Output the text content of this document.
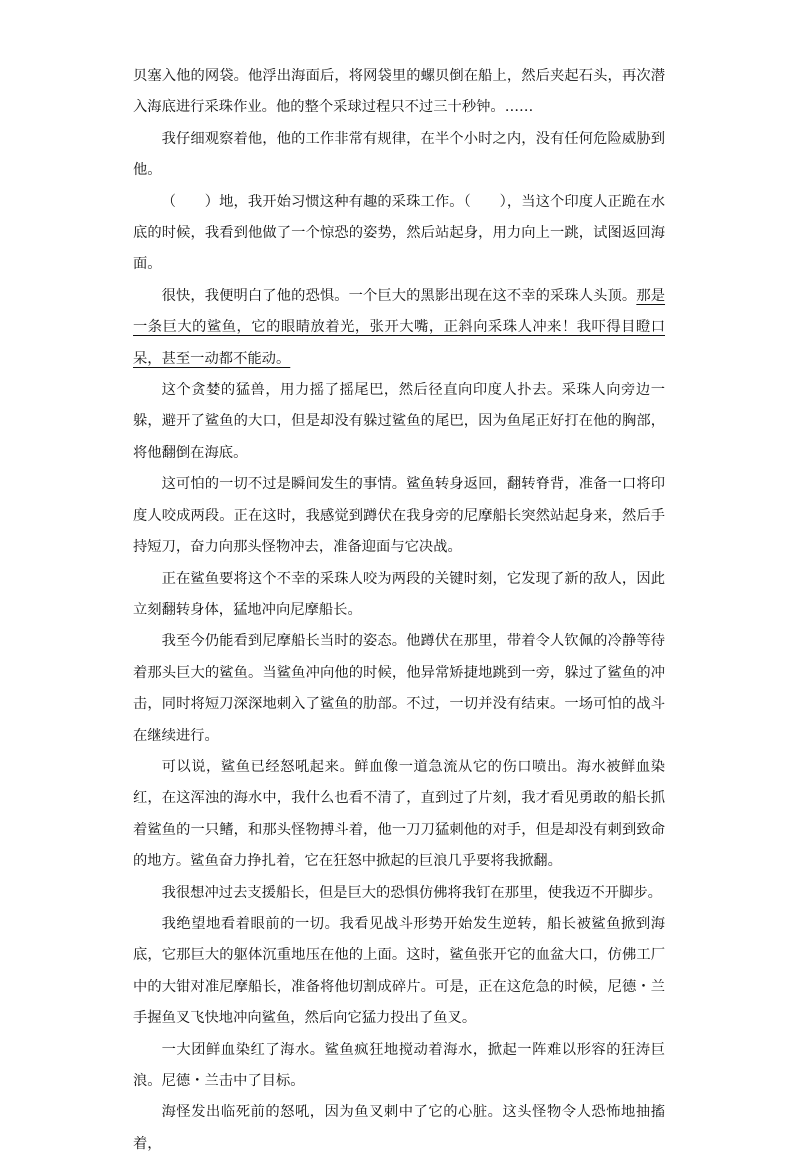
贝塞入他的网袋。他浮出海面后，将网袋里的螺贝倒在船上，然后夹起石头，再次潜入海底进行采珠作业。他的整个采球过程只不过三十秒钟。……

我仔细观察着他，他的工作非常有规律，在半个小时之内，没有任何危险威胁到他。

（　　）地，我开始习惯这种有趣的采珠工作。（　　），当这个印度人正跪在水底的时候，我看到他做了一个惊恐的姿势，然后站起身，用力向上一跳，试图返回海面。

很快，我便明白了他的恐惧。一个巨大的黑影出现在这不幸的采珠人头顶。那是一条巨大的鲨鱼，它的眼睛放着光，张开大嘴，正斜向采珠人冲来！我吓得目瞪口呆，甚至一动都不能动。

这个贪婪的猛兽，用力摇了摇尾巴，然后径直向印度人扑去。采珠人向旁边一躲，避开了鲨鱼的大口，但是却没有躲过鲨鱼的尾巴，因为鱼尾正好打在他的胸部，将他翻倒在海底。

这可怕的一切不过是瞬间发生的事情。鲨鱼转身返回，翻转脊背，准备一口将印度人咬成两段。正在这时，我感觉到蹲伏在我身旁的尼摩船长突然站起身来，然后手持短刀，奋力向那头怪物冲去，准备迎面与它决战。

正在鲨鱼要将这个不幸的采珠人咬为两段的关键时刻，它发现了新的敌人，因此立刻翻转身体，猛地冲向尼摩船长。

我至今仍能看到尼摩船长当时的姿态。他蹲伏在那里，带着令人钦佩的冷静等待着那头巨大的鲨鱼。当鲨鱼冲向他的时候，他异常矫捷地跳到一旁，躲过了鲨鱼的冲击，同时将短刀深深地刺入了鲨鱼的肋部。不过，一切并没有结束。一场可怕的战斗在继续进行。

可以说，鲨鱼已经怒吼起来。鲜血像一道急流从它的伤口喷出。海水被鲜血染红，在这浑浊的海水中，我什么也看不清了，直到过了片刻，我才看见勇敢的船长抓着鲨鱼的一只鳍，和那头怪物搏斗着，他一刀刀猛刺他的对手，但是却没有刺到致命的地方。鲨鱼奋力挣扎着，它在狂怒中掀起的巨浪几乎要将我掀翻。

我很想冲过去支援船长，但是巨大的恐惧仿佛将我钉在那里，使我迈不开脚步。

我绝望地看着眼前的一切。我看见战斗形势开始发生逆转，船长被鲨鱼掀到海底，它那巨大的躯体沉重地压在他的上面。这时，鲨鱼张开它的血盆大口，仿佛工厂中的大钳对准尼摩船长，准备将他切割成碎片。可是，正在这危急的时候，尼德・兰手握鱼叉飞快地冲向鲨鱼，然后向它猛力投出了鱼叉。

一大团鲜血染红了海水。鲨鱼疯狂地搅动着海水，掀起一阵难以形容的狂涛巨浪。尼德・兰击中了目标。

海怪发出临死前的怒吼，因为鱼叉刺中了它的心脏。这头怪物令人恐怖地抽搐着，
